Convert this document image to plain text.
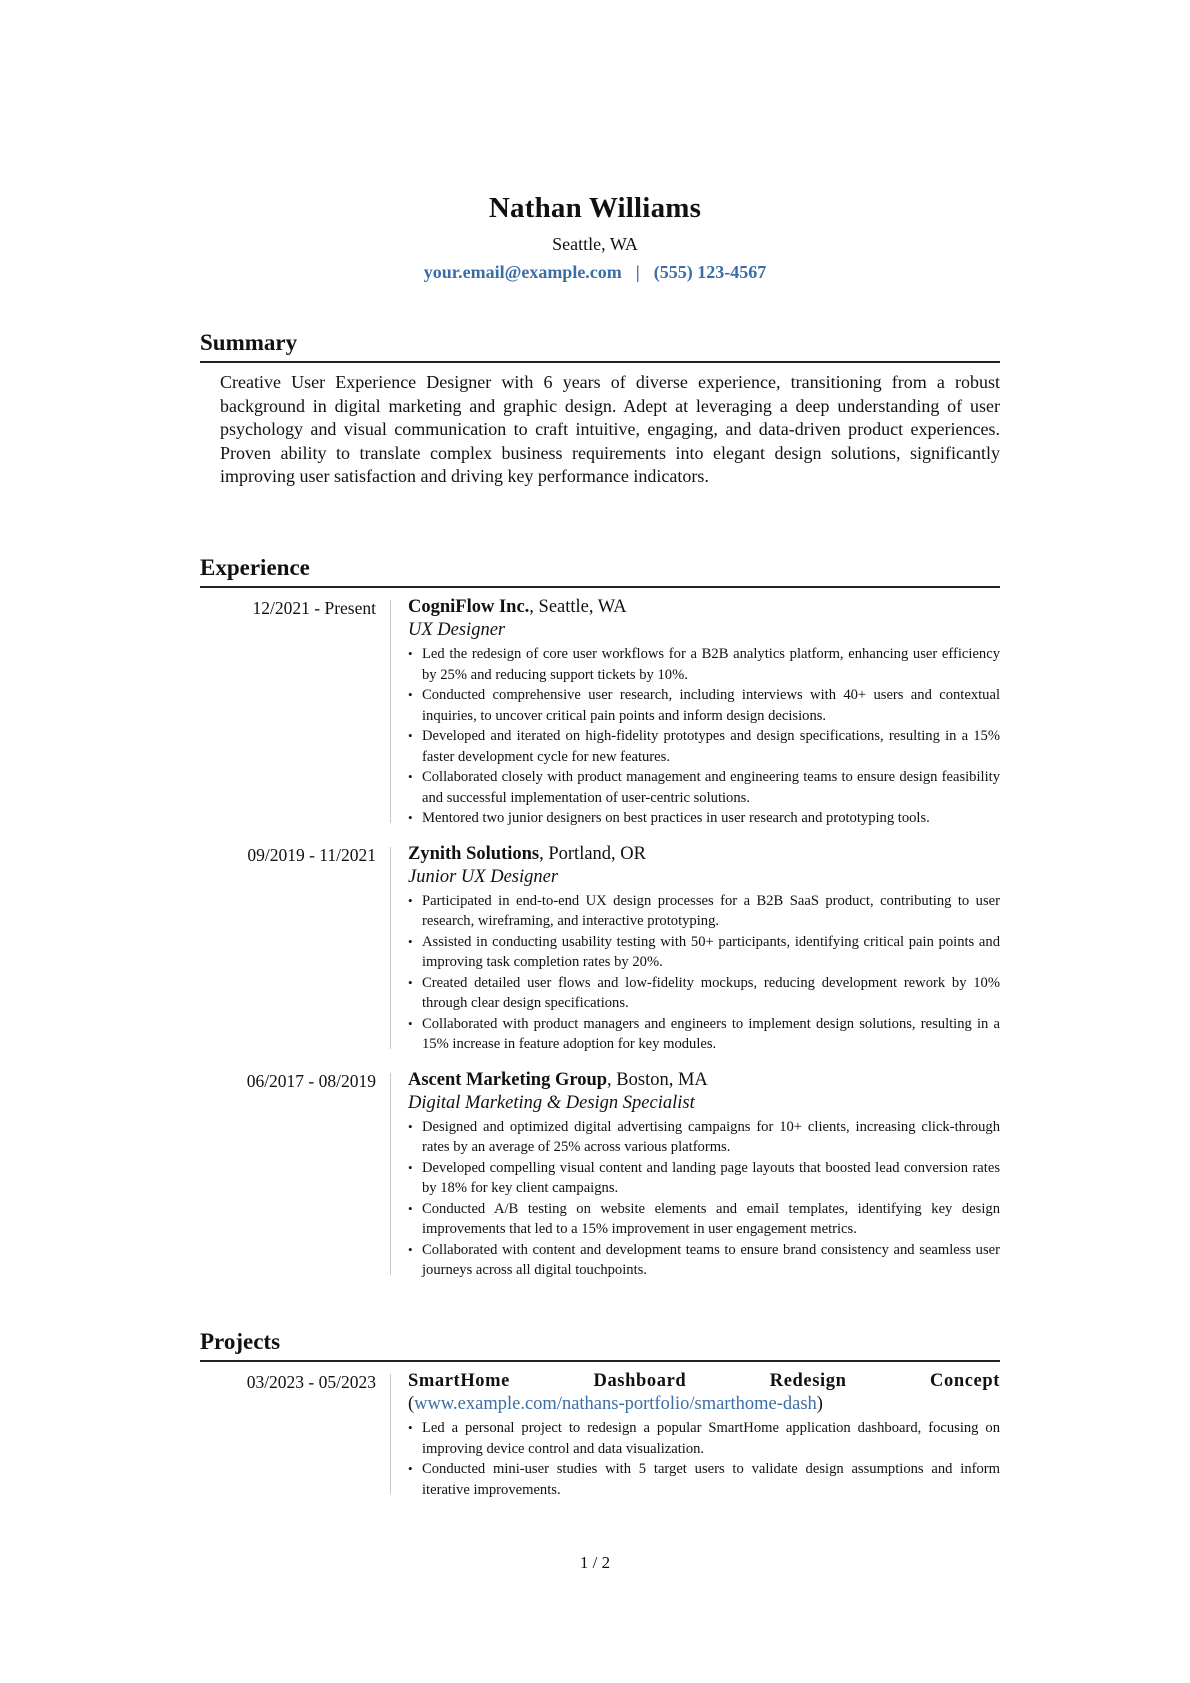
Nathan Williams
Seattle, WA
your.email@example.com | (555) 123-4567
Summary
Creative User Experience Designer with 6 years of diverse experience, transitioning from a robust background in digital marketing and graphic design. Adept at leveraging a deep understanding of user psychology and visual communication to craft intuitive, engaging, and data-driven product experiences. Proven ability to translate complex business requirements into elegant design solutions, significantly improving user satisfaction and driving key performance indicators.
Experience
12/2021 - Present CogniFlow Inc., Seattle, WA
UX Designer
• Led the redesign of core user workflows for a B2B analytics platform, enhancing user efficiency by 25% and reducing support tickets by 10%.
• Conducted comprehensive user research, including interviews with 40+ users and contextual inquiries, to uncover critical pain points and inform design decisions.
• Developed and iterated on high-fidelity prototypes and design specifications, resulting in a 15% faster development cycle for new features.
• Collaborated closely with product management and engineering teams to ensure design feasibility and successful implementation of user-centric solutions.
• Mentored two junior designers on best practices in user research and prototyping tools.
09/2019 - 11/2021 Zynith Solutions, Portland, OR
Junior UX Designer
• Participated in end-to-end UX design processes for a B2B SaaS product, contributing to user research, wireframing, and interactive prototyping.
• Assisted in conducting usability testing with 50+ participants, identifying critical pain points and improving task completion rates by 20%.
• Created detailed user flows and low-fidelity mockups, reducing development rework by 10% through clear design specifications.
• Collaborated with product managers and engineers to implement design solutions, resulting in a 15% increase in feature adoption for key modules.
06/2017 - 08/2019 Ascent Marketing Group, Boston, MA
Digital Marketing & Design Specialist
• Designed and optimized digital advertising campaigns for 10+ clients, increasing click-through rates by an average of 25% across various platforms.
• Developed compelling visual content and landing page layouts that boosted lead conversion rates by 18% for key client campaigns.
• Conducted A/B testing on website elements and email templates, identifying key design improvements that led to a 15% improvement in user engagement metrics.
• Collaborated with content and development teams to ensure brand consistency and seamless user journeys across all digital touchpoints.
Projects
03/2023 - 05/2023 SmartHome Dashboard Redesign Concept (www.example.com/nathans-portfolio/smarthome-dash)
• Led a personal project to redesign a popular SmartHome application dashboard, focusing on improving device control and data visualization.
• Conducted mini-user studies with 5 target users to validate design assumptions and inform iterative improvements.
1 / 2
